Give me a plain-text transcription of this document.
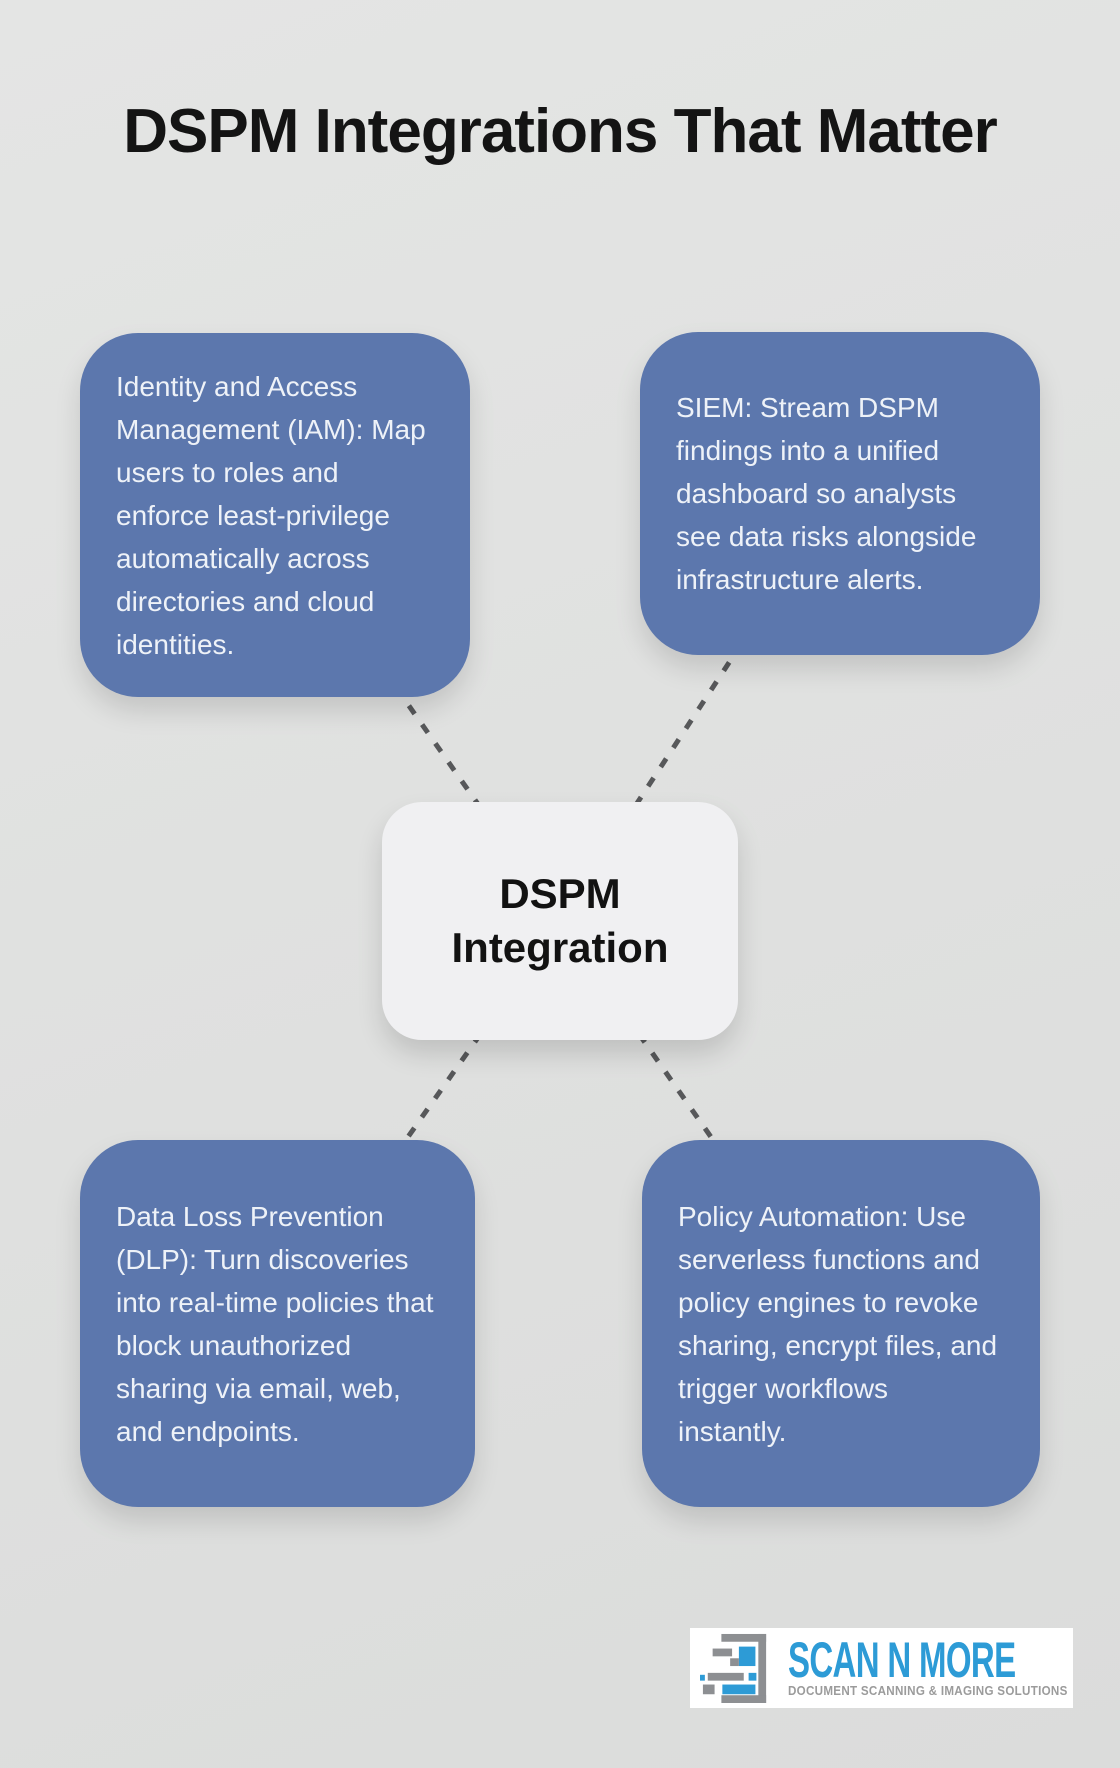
DSPM Integrations That Matter

Identity and Access Management (IAM): Map users to roles and enforce least-privilege automatically across directories and cloud identities.

SIEM: Stream DSPM findings into a unified dashboard so analysts see data risks alongside infrastructure alerts.

DSPM Integration

Data Loss Prevention (DLP): Turn discoveries into real-time policies that block unauthorized sharing via email, web, and endpoints.

Policy Automation: Use serverless functions and policy engines to revoke sharing, encrypt files, and trigger workflows instantly.

SCAN N MORE
DOCUMENT SCANNING & IMAGING SOLUTIONS
